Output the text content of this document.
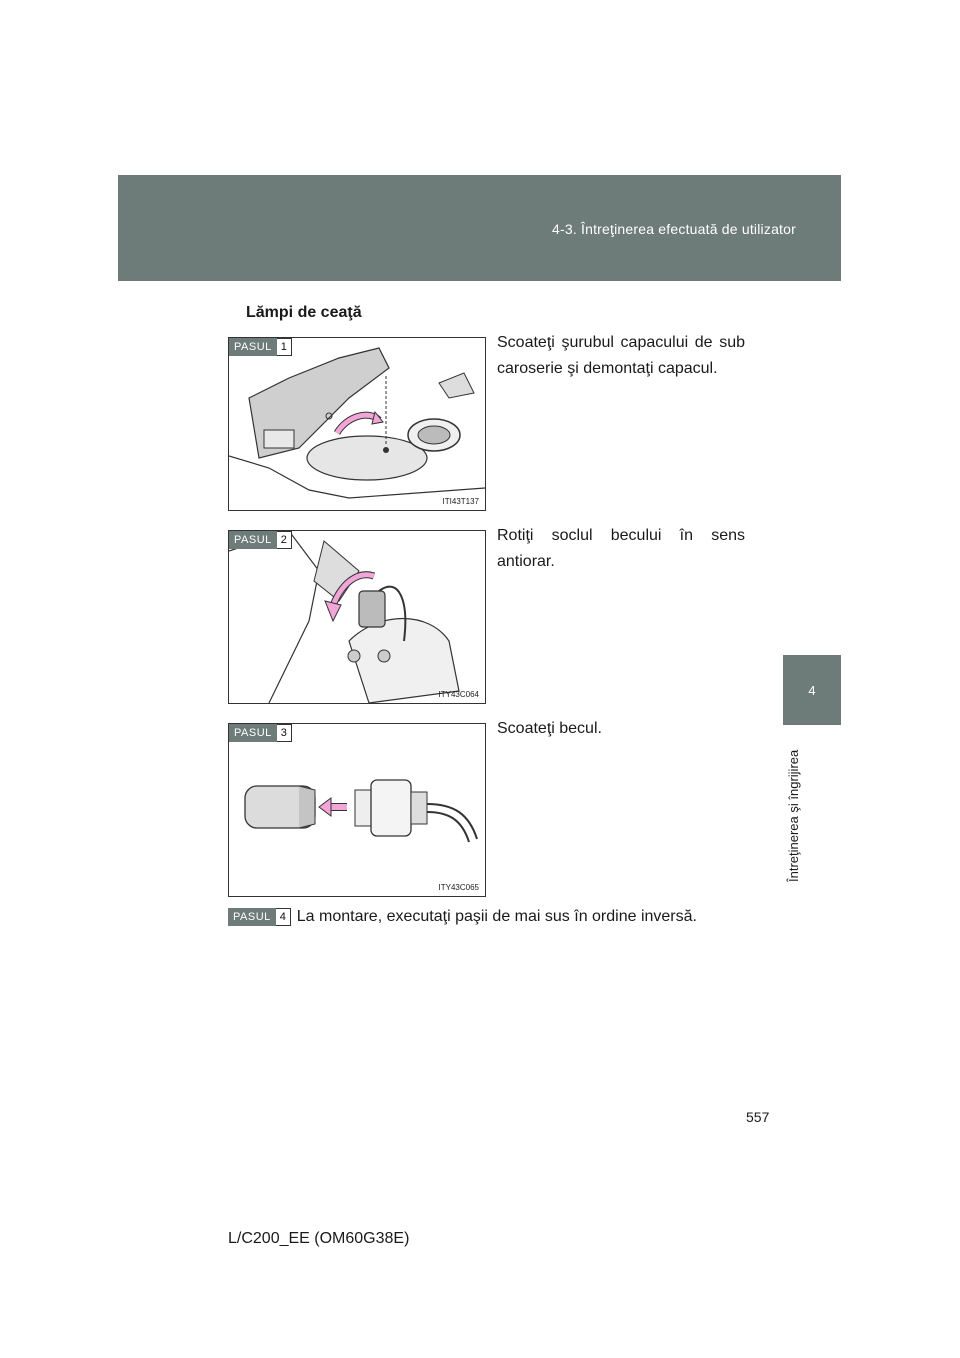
4-3. Întreţinerea efectuată de utilizator
4
Întreţinerea şi îngrijirea
Lămpi de ceaţă
PASUL 1
ITI43T137
Scoateţi şurubul capacului de sub caroserie şi demontaţi capacul.
PASUL 2
ITY43C064
Rotiţi soclul becului în sens antiorar.
PASUL 3
ITY43C065
Scoateţi becul.
PASUL 4 La montare, executaţi paşii de mai sus în ordine inversă.
557
L/C200_EE (OM60G38E)
